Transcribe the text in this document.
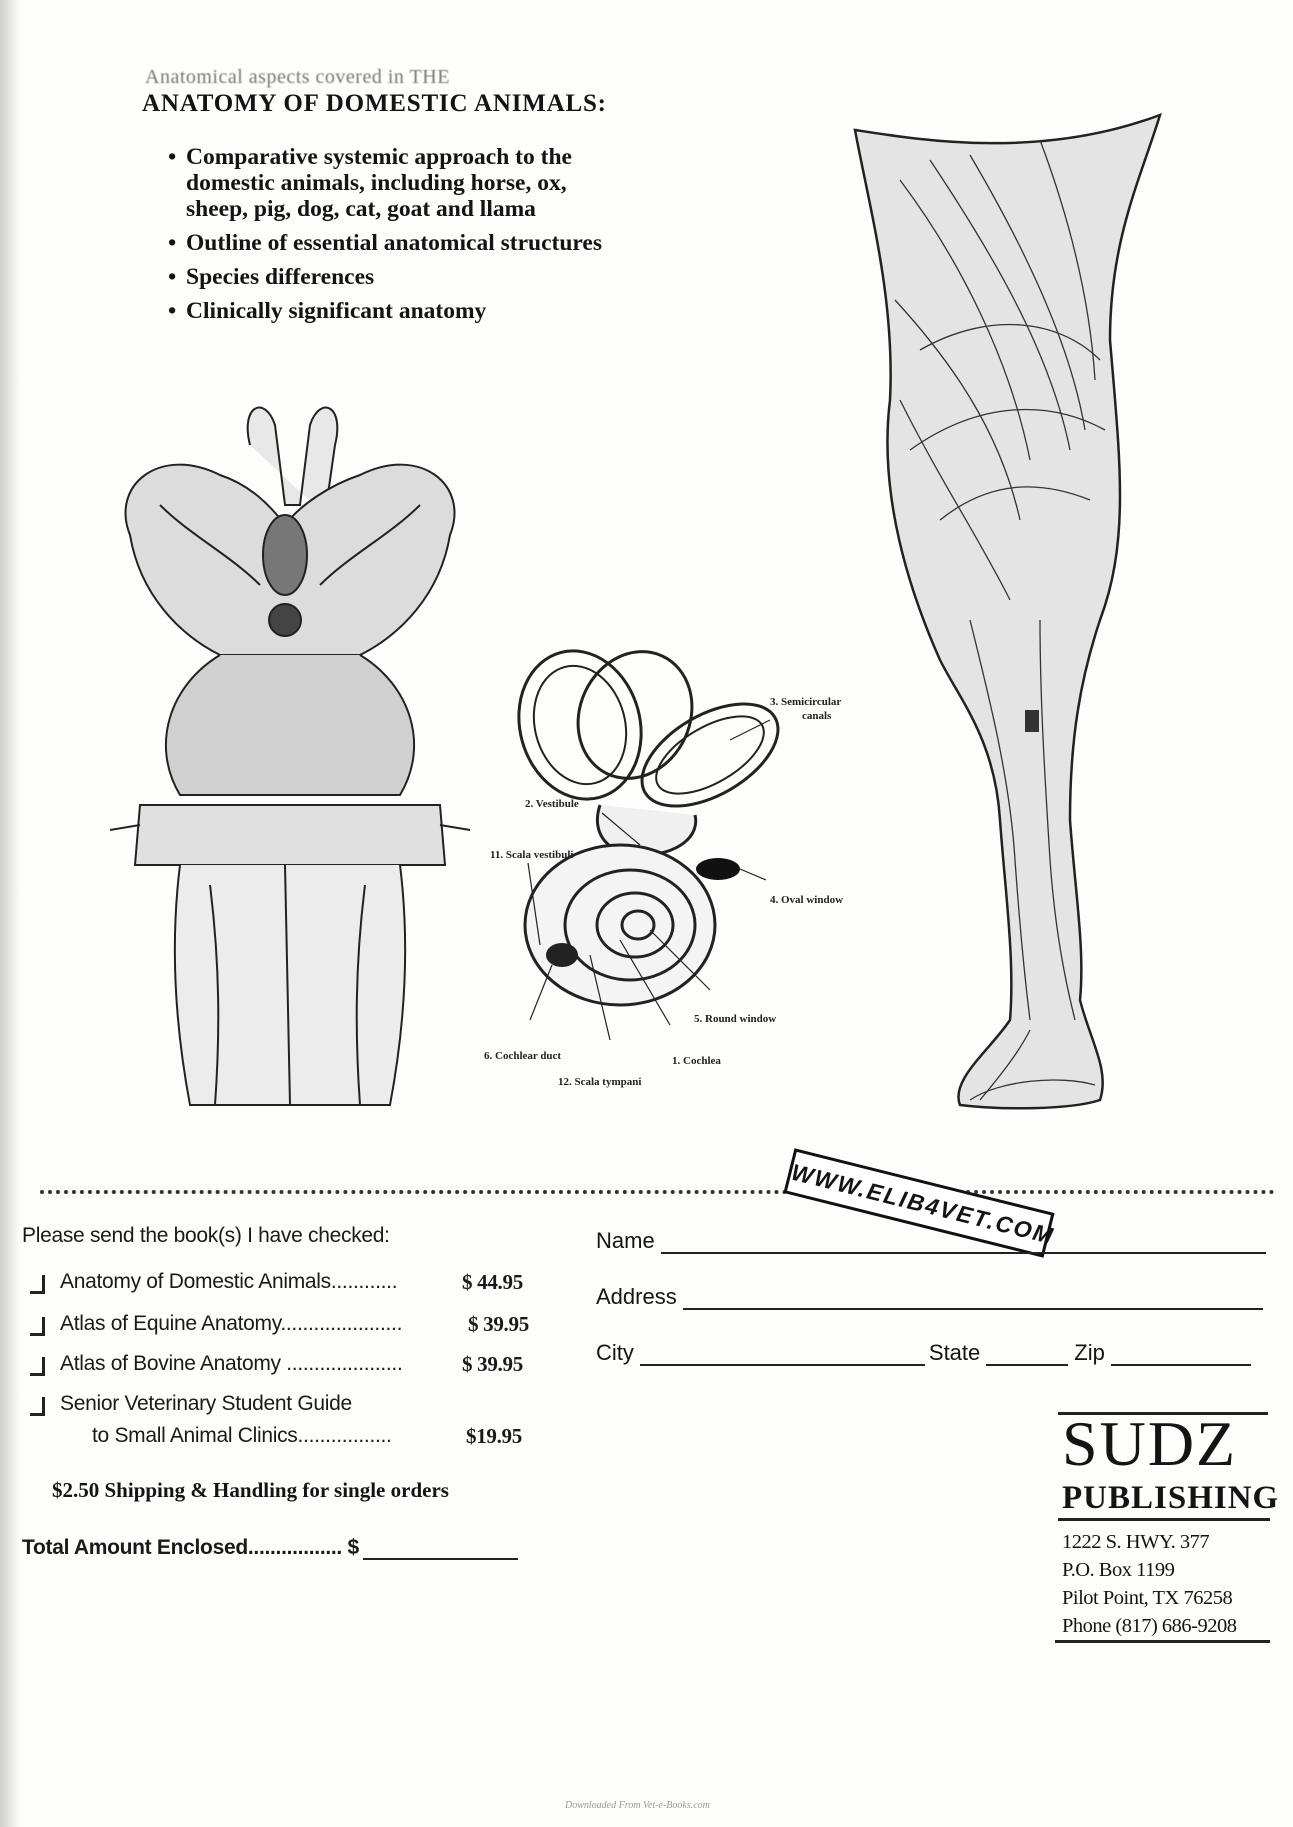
Anatomical aspects covered in THE
ANATOMY OF DOMESTIC ANIMALS:
• Comparative systemic approach to the
domestic animals, including horse, ox,
sheep, pig, dog, cat, goat and llama
• Outline of essential anatomical structures
• Species differences
• Clinically significant anatomy
3. Semicircular
canals
2. Vestibule
11. Scala vestibuli
4. Oval window
5. Round window
6. Cochlear duct	1. Cochlea
12. Scala tympani
WWW.ELIB4VET.COM
Please send the book(s) I have checked:
Anatomy of Domestic Animals............	$ 44.95
Atlas of Equine Anatomy......................	$ 39.95
Atlas of Bovine Anatomy .....................	$ 39.95
Senior Veterinary Student Guide
to Small Animal Clinics.................	$19.95
$2.50 Shipping & Handling for single orders
Total Amount Enclosed................. $
Name
Address
City	State	Zip
SUDZ
PUBLISHING
1222 S. HWY. 377
P.O. Box 1199
Pilot Point, TX 76258
Phone (817) 686-9208
Downloaded From Vet-e-Books.com
